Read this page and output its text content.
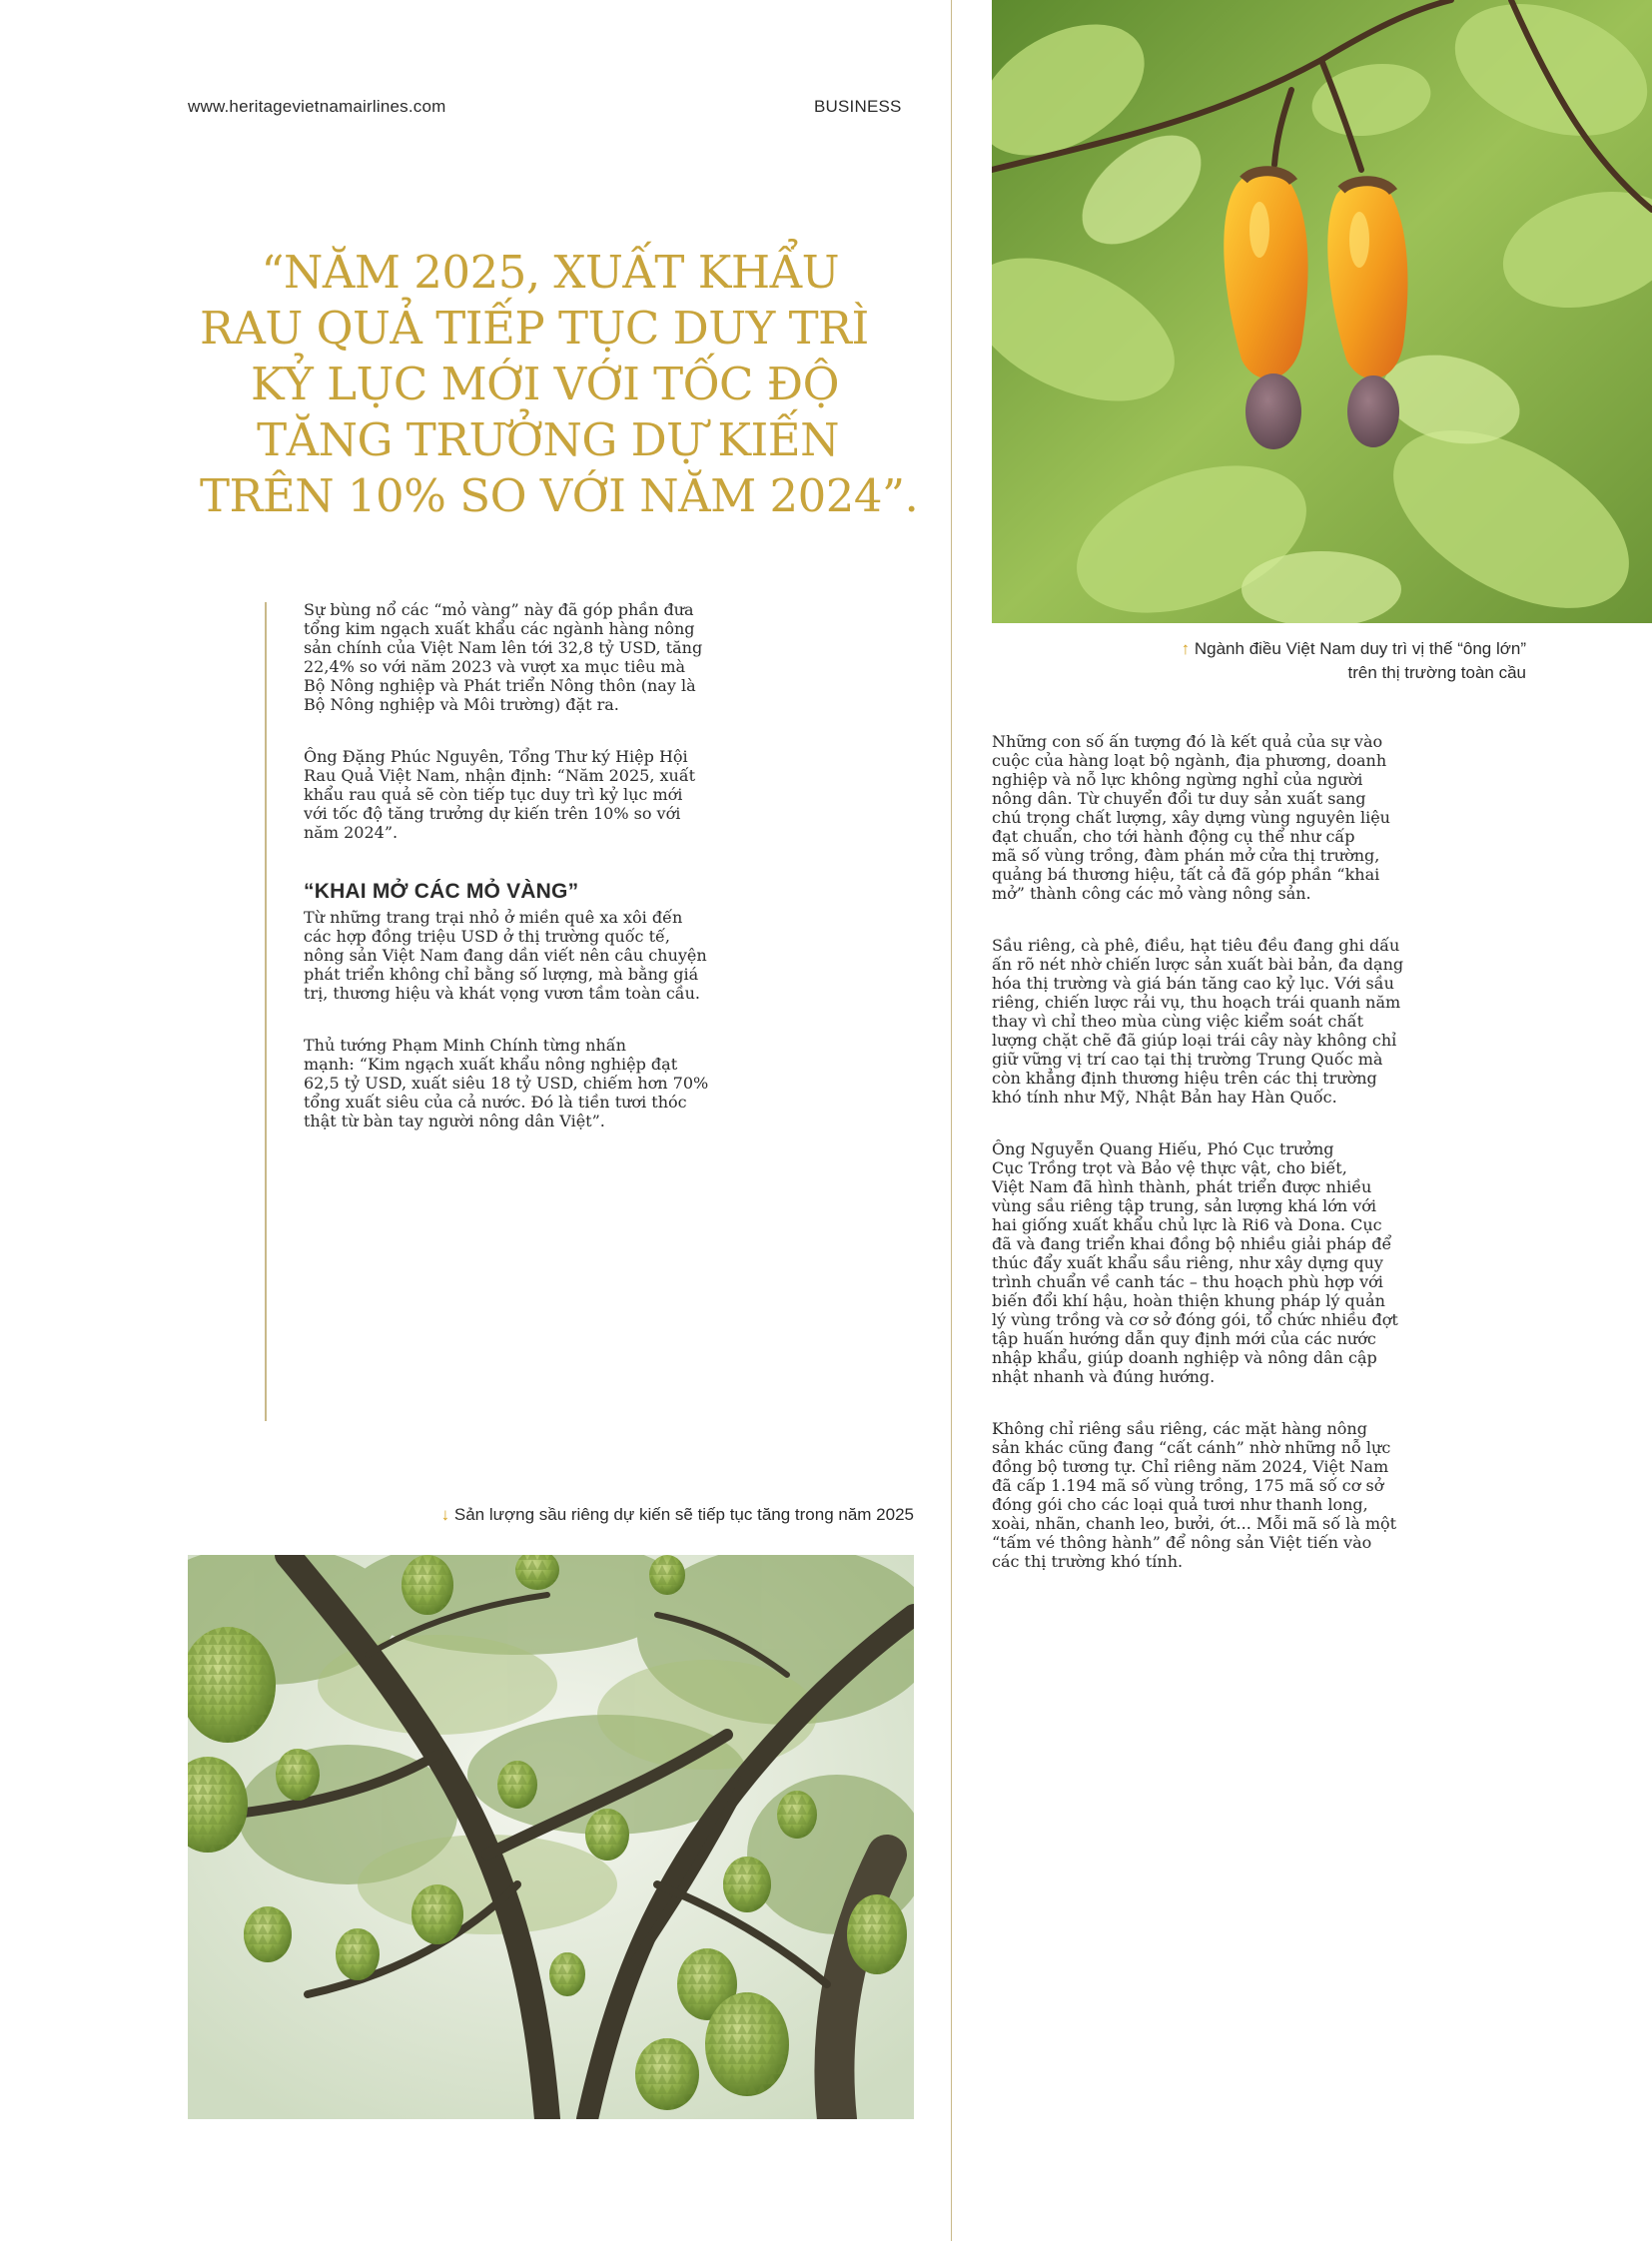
www.heritagevietnamairlines.com	BUSINESS
“NĂM 2025, XUẤT KHẨU
RAU QUẢ TIẾP TỤC DUY TRÌ
KỶ LỤC MỚI VỚI TỐC ĐỘ
TĂNG TRƯỞNG DỰ KIẾN
TRÊN 10% SO VỚI NĂM 2024”.

Sự bùng nổ các “mỏ vàng” này đã góp phần đưa
tổng kim ngạch xuất khẩu các ngành hàng nông
sản chính của Việt Nam lên tới 32,8 tỷ USD, tăng
22,4% so với năm 2023 và vượt xa mục tiêu mà
Bộ Nông nghiệp và Phát triển Nông thôn (nay là
Bộ Nông nghiệp và Môi trường) đặt ra.

Ông Đặng Phúc Nguyên, Tổng Thư ký Hiệp Hội
Rau Quả Việt Nam, nhận định: “Năm 2025, xuất
khẩu rau quả sẽ còn tiếp tục duy trì kỷ lục mới
với tốc độ tăng trưởng dự kiến trên 10% so với
năm 2024”.

“KHAI MỞ CÁC MỎ VÀNG”

Từ những trang trại nhỏ ở miền quê xa xôi đến
các hợp đồng triệu USD ở thị trường quốc tế,
nông sản Việt Nam đang dần viết nên câu chuyện
phát triển không chỉ bằng số lượng, mà bằng giá
trị, thương hiệu và khát vọng vươn tầm toàn cầu.

Thủ tướng Phạm Minh Chính từng nhấn
mạnh: “Kim ngạch xuất khẩu nông nghiệp đạt
62,5 tỷ USD, xuất siêu 18 tỷ USD, chiếm hơn 70%
tổng xuất siêu của cả nước. Đó là tiền tươi thóc
thật từ bàn tay người nông dân Việt”.

↓ Sản lượng sầu riêng dự kiến sẽ tiếp tục tăng trong năm 2025
↑ Ngành điều Việt Nam duy trì vị thế “ông lớn”
trên thị trường toàn cầu

Những con số ấn tượng đó là kết quả của sự vào
cuộc của hàng loạt bộ ngành, địa phương, doanh
nghiệp và nỗ lực không ngừng nghỉ của người
nông dân. Từ chuyển đổi tư duy sản xuất sang
chú trọng chất lượng, xây dựng vùng nguyên liệu
đạt chuẩn, cho tới hành động cụ thể như cấp
mã số vùng trồng, đàm phán mở cửa thị trường,
quảng bá thương hiệu, tất cả đã góp phần “khai
mở” thành công các mỏ vàng nông sản.

Sầu riêng, cà phê, điều, hạt tiêu đều đang ghi dấu
ấn rõ nét nhờ chiến lược sản xuất bài bản, đa dạng
hóa thị trường và giá bán tăng cao kỷ lục. Với sầu
riêng, chiến lược rải vụ, thu hoạch trái quanh năm
thay vì chỉ theo mùa cùng việc kiểm soát chất
lượng chặt chẽ đã giúp loại trái cây này không chỉ
giữ vững vị trí cao tại thị trường Trung Quốc mà
còn khẳng định thương hiệu trên các thị trường
khó tính như Mỹ, Nhật Bản hay Hàn Quốc.

Ông Nguyễn Quang Hiếu, Phó Cục trưởng
Cục Trồng trọt và Bảo vệ thực vật, cho biết,
Việt Nam đã hình thành, phát triển được nhiều
vùng sầu riêng tập trung, sản lượng khá lớn với
hai giống xuất khẩu chủ lực là Ri6 và Dona. Cục
đã và đang triển khai đồng bộ nhiều giải pháp để
thúc đẩy xuất khẩu sầu riêng, như xây dựng quy
trình chuẩn về canh tác – thu hoạch phù hợp với
biến đổi khí hậu, hoàn thiện khung pháp lý quản
lý vùng trồng và cơ sở đóng gói, tổ chức nhiều đợt
tập huấn hướng dẫn quy định mới của các nước
nhập khẩu, giúp doanh nghiệp và nông dân cập
nhật nhanh và đúng hướng.

Không chỉ riêng sầu riêng, các mặt hàng nông
sản khác cũng đang “cất cánh” nhờ những nỗ lực
đồng bộ tương tự. Chỉ riêng năm 2024, Việt Nam
đã cấp 1.194 mã số vùng trồng, 175 mã số cơ sở
đóng gói cho các loại quả tươi như thanh long,
xoài, nhãn, chanh leo, bưởi, ớt... Mỗi mã số là một
“tấm vé thông hành” để nông sản Việt tiến vào
các thị trường khó tính.
